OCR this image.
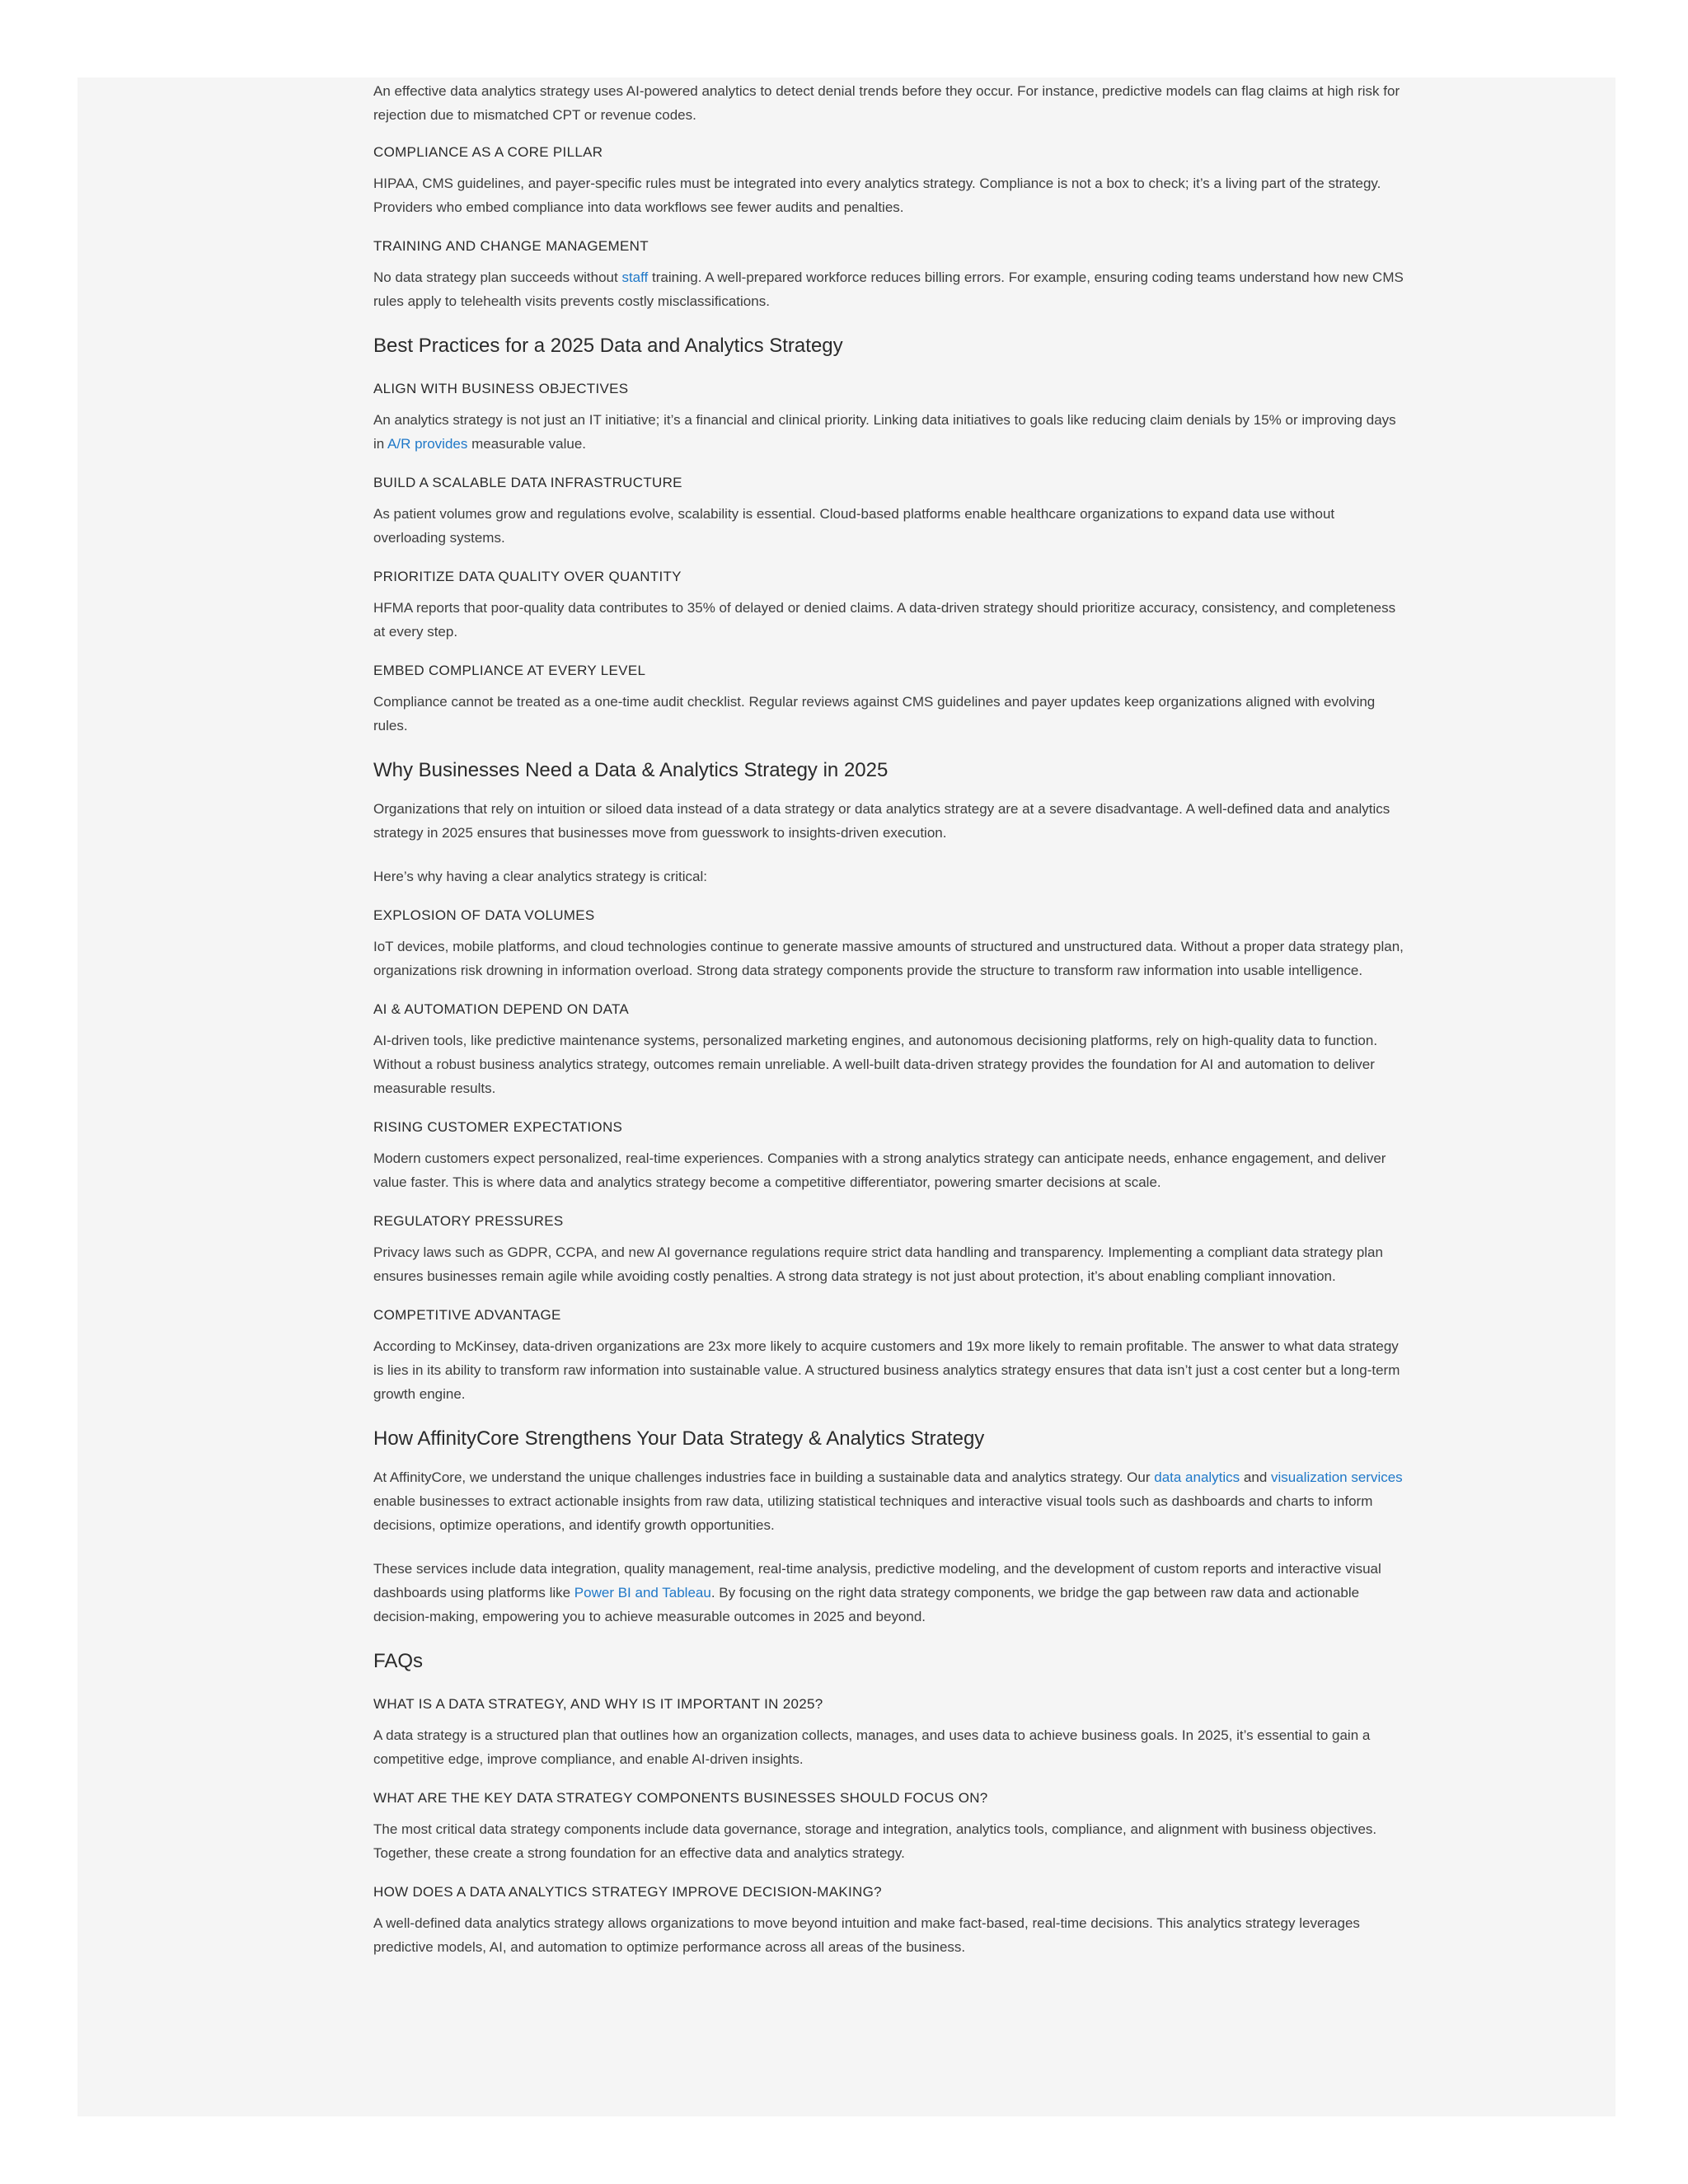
An effective data analytics strategy uses AI-powered analytics to detect denial trends before they occur. For instance, predictive models can flag claims at high risk for rejection due to mismatched CPT or revenue codes.

COMPLIANCE AS A CORE PILLAR

HIPAA, CMS guidelines, and payer-specific rules must be integrated into every analytics strategy. Compliance is not a box to check; it’s a living part of the strategy. Providers who embed compliance into data workflows see fewer audits and penalties.

TRAINING AND CHANGE MANAGEMENT

No data strategy plan succeeds without staff training. A well-prepared workforce reduces billing errors. For example, ensuring coding teams understand how new CMS rules apply to telehealth visits prevents costly misclassifications.

Best Practices for a 2025 Data and Analytics Strategy
ALIGN WITH BUSINESS OBJECTIVES

An analytics strategy is not just an IT initiative; it’s a financial and clinical priority. Linking data initiatives to goals like reducing claim denials by 15% or improving days in A/R provides measurable value.

BUILD A SCALABLE DATA INFRASTRUCTURE

As patient volumes grow and regulations evolve, scalability is essential. Cloud-based platforms enable healthcare organizations to expand data use without overloading systems.

PRIORITIZE DATA QUALITY OVER QUANTITY

HFMA reports that poor-quality data contributes to 35% of delayed or denied claims. A data-driven strategy should prioritize accuracy, consistency, and completeness at every step.

EMBED COMPLIANCE AT EVERY LEVEL

Compliance cannot be treated as a one-time audit checklist. Regular reviews against CMS guidelines and payer updates keep organizations aligned with evolving rules.

Why Businesses Need a Data & Analytics Strategy in 2025

Organizations that rely on intuition or siloed data instead of a data strategy or data analytics strategy are at a severe disadvantage. A well-defined data and analytics strategy in 2025 ensures that businesses move from guesswork to insights-driven execution.

Here’s why having a clear analytics strategy is critical:

EXPLOSION OF DATA VOLUMES

IoT devices, mobile platforms, and cloud technologies continue to generate massive amounts of structured and unstructured data. Without a proper data strategy plan, organizations risk drowning in information overload. Strong data strategy components provide the structure to transform raw information into usable intelligence.

AI & AUTOMATION DEPEND ON DATA

AI-driven tools, like predictive maintenance systems, personalized marketing engines, and autonomous decisioning platforms, rely on high-quality data to function. Without a robust business analytics strategy, outcomes remain unreliable. A well-built data-driven strategy provides the foundation for AI and automation to deliver measurable results.

RISING CUSTOMER EXPECTATIONS

Modern customers expect personalized, real-time experiences. Companies with a strong analytics strategy can anticipate needs, enhance engagement, and deliver value faster. This is where data and analytics strategy become a competitive differentiator, powering smarter decisions at scale.

REGULATORY PRESSURES

Privacy laws such as GDPR, CCPA, and new AI governance regulations require strict data handling and transparency. Implementing a compliant data strategy plan ensures businesses remain agile while avoiding costly penalties. A strong data strategy is not just about protection, it’s about enabling compliant innovation.

COMPETITIVE ADVANTAGE

According to McKinsey, data-driven organizations are 23x more likely to acquire customers and 19x more likely to remain profitable. The answer to what data strategy is lies in its ability to transform raw information into sustainable value. A structured business analytics strategy ensures that data isn’t just a cost center but a long-term growth engine.

How AffinityCore Strengthens Your Data Strategy & Analytics Strategy

At AffinityCore, we understand the unique challenges industries face in building a sustainable data and analytics strategy. Our data analytics and visualization services enable businesses to extract actionable insights from raw data, utilizing statistical techniques and interactive visual tools such as dashboards and charts to inform decisions, optimize operations, and identify growth opportunities.

These services include data integration, quality management, real-time analysis, predictive modeling, and the development of custom reports and interactive visual dashboards using platforms like Power BI and Tableau. By focusing on the right data strategy components, we bridge the gap between raw data and actionable decision-making, empowering you to achieve measurable outcomes in 2025 and beyond.

FAQs
WHAT IS A DATA STRATEGY, AND WHY IS IT IMPORTANT IN 2025?

A data strategy is a structured plan that outlines how an organization collects, manages, and uses data to achieve business goals. In 2025, it’s essential to gain a competitive edge, improve compliance, and enable AI-driven insights.

WHAT ARE THE KEY DATA STRATEGY COMPONENTS BUSINESSES SHOULD FOCUS ON?

The most critical data strategy components include data governance, storage and integration, analytics tools, compliance, and alignment with business objectives. Together, these create a strong foundation for an effective data and analytics strategy.

HOW DOES A DATA ANALYTICS STRATEGY IMPROVE DECISION-MAKING?

A well-defined data analytics strategy allows organizations to move beyond intuition and make fact-based, real-time decisions. This analytics strategy leverages predictive models, AI, and automation to optimize performance across all areas of the business.
